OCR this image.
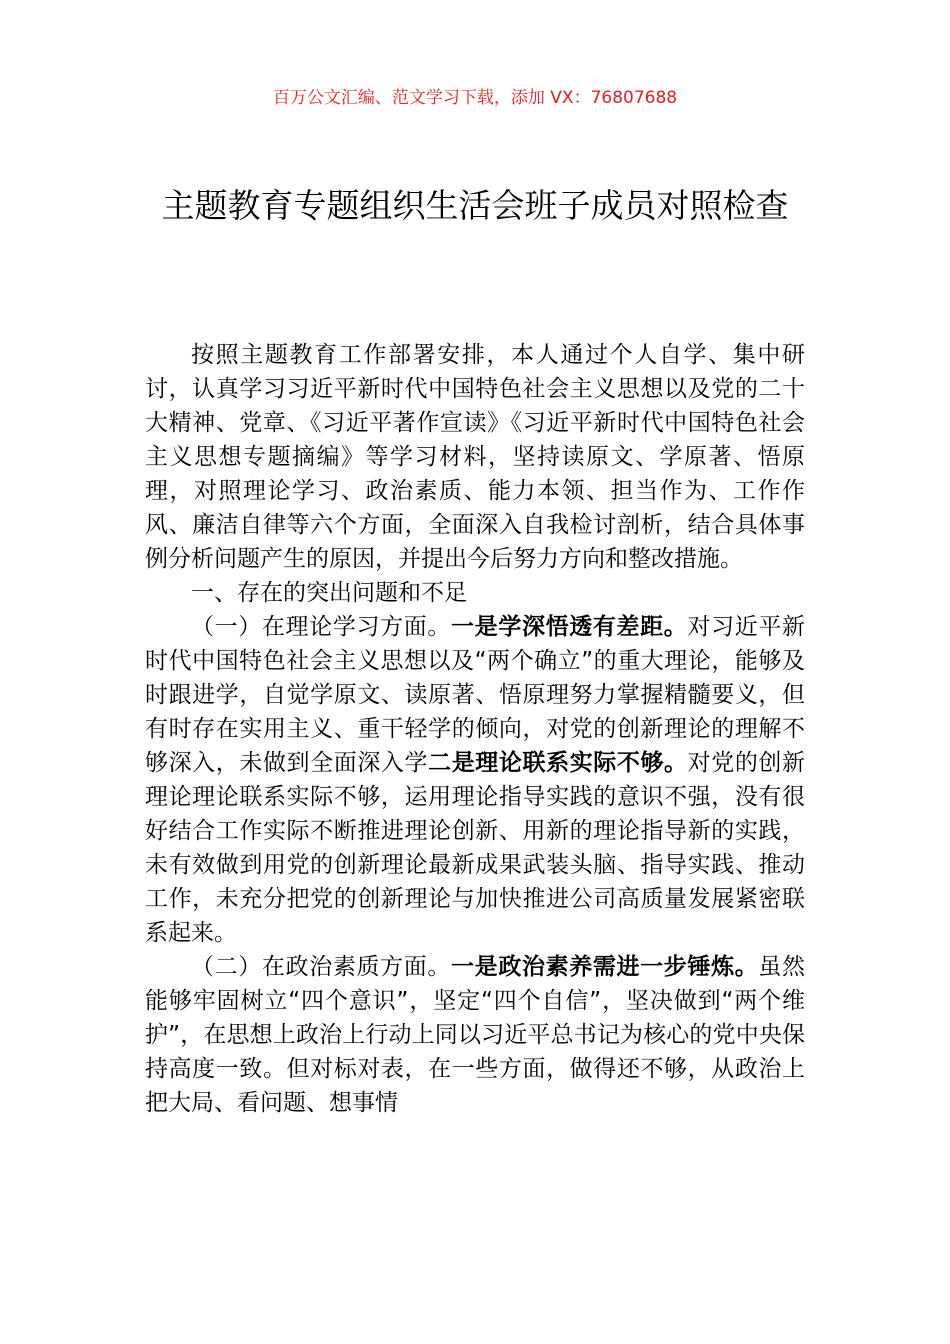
百万公文汇编、范文学习下载，添加 VX：76807688
主题教育专题组织生活会班子成员对照检查

按照主题教育工作部署安排，本人通过个人自学、集中研讨，认真学习习近平新时代中国特色社会主义思想以及党的二十大精神、党章、《习近平著作宣读》《习近平新时代中国特色社会主义思想专题摘编》等学习材料，坚持读原文、学原著、悟原理，对照理论学习、政治素质、能力本领、担当作为、工作作风、廉洁自律等六个方面，全面深入自我检讨剖析，结合具体事例分析问题产生的原因，并提出今后努力方向和整改措施。

一、存在的突出问题和不足

（一）在理论学习方面。一是学深悟透有差距。对习近平新时代中国特色社会主义思想以及“两个确立”的重大理论，能够及时跟进学，自觉学原文、读原著、悟原理努力掌握精髓要义，但有时存在实用主义、重干轻学的倾向，对党的创新理论的理解不够深入，未做到全面深入学二是理论联系实际不够。对党的创新理论理论联系实际不够，运用理论指导实践的意识不强，没有很好结合工作实际不断推进理论创新、用新的理论指导新的实践，未有效做到用党的创新理论最新成果武装头脑、指导实践、推动工作，未充分把党的创新理论与加快推进公司高质量发展紧密联系起来。

（二）在政治素质方面。一是政治素养需进一步锤炼。虽然能够牢固树立“四个意识”，坚定“四个自信”，坚决做到“两个维护”，在思想上政治上行动上同以习近平总书记为核心的党中央保持高度一致。但对标对表，在一些方面，做得还不够，从政治上把大局、看问题、想事情
